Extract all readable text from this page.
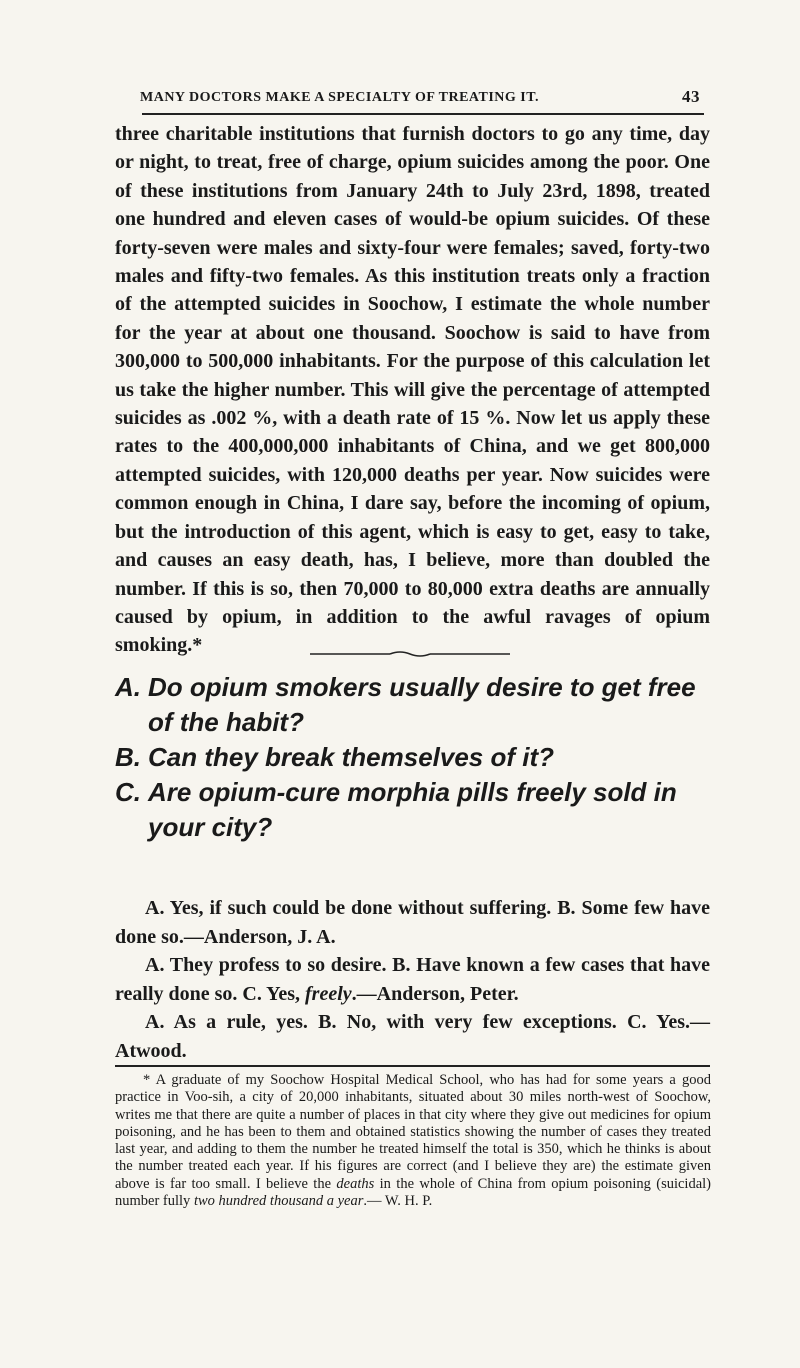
MANY DOCTORS MAKE A SPECIALTY OF TREATING IT.	43
three charitable institutions that furnish doctors to go any time, day or night, to treat, free of charge, opium suicides among the poor. One of these institutions from January 24th to July 23rd, 1898, treated one hundred and eleven cases of would-be opium suicides. Of these forty-seven were males and sixty-four were females; saved, forty-two males and fifty-two females. As this institution treats only a fraction of the attempted suicides in Soochow, I estimate the whole number for the year at about one thousand. Soochow is said to have from 300,000 to 500,000 inhabitants. For the purpose of this calculation let us take the higher number. This will give the percentage of attempted suicides as .002 %, with a death rate of 15 %. Now let us apply these rates to the 400,000,000 inhabitants of China, and we get 800,000 attempted suicides, with 120,000 deaths per year. Now suicides were common enough in China, I dare say, before the incoming of opium, but the introduction of this agent, which is easy to get, easy to take, and causes an easy death, has, I believe, more than doubled the number. If this is so, then 70,000 to 80,000 extra deaths are annually caused by opium, in addition to the awful ravages of opium smoking.*
A. Do opium smokers usually desire to get free of the habit?
B. Can they break themselves of it?
C. Are opium-cure morphia pills freely sold in your city?

A. Yes, if such could be done without suffering. B. Some few have done so.—Anderson, J. A.

A. They profess to so desire. B. Have known a few cases that have really done so. C. Yes, freely.—Anderson, Peter.

A. As a rule, yes. B. No, with very few exceptions. C. Yes.—Atwood.

* A graduate of my Soochow Hospital Medical School, who has had for some years a good practice in Voo-sih, a city of 20,000 inhabitants, situated about 30 miles north-west of Soochow, writes me that there are quite a number of places in that city where they give out medicines for opium poisoning, and he has been to them and obtained statistics showing the number of cases they treated last year, and adding to them the number he treated himself the total is 350, which he thinks is about the number treated each year. If his figures are correct (and I believe they are) the estimate given above is far too small. I believe the deaths in the whole of China from opium poisoning (suicidal) number fully two hundred thousand a year.— W. H. P.
